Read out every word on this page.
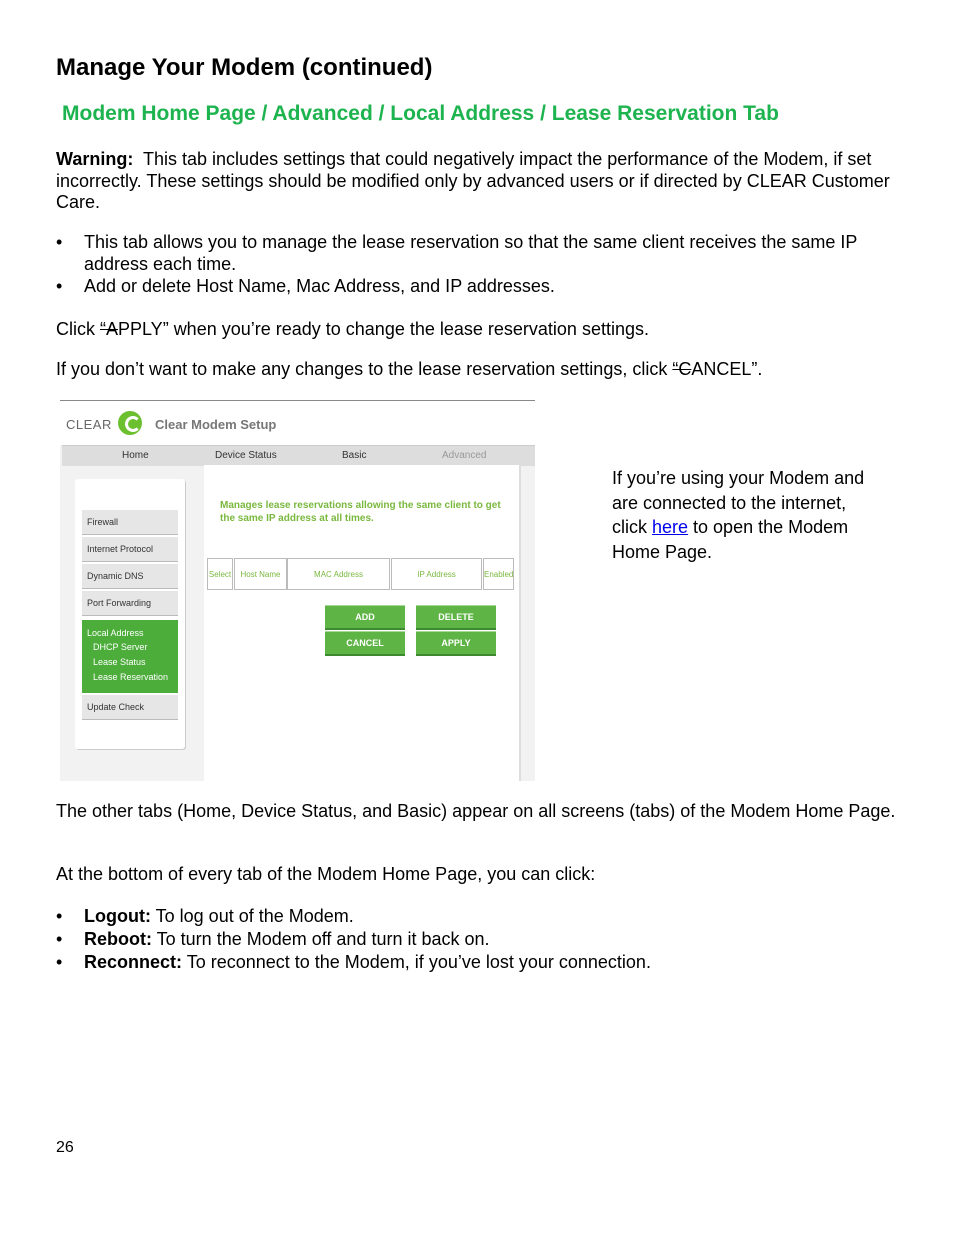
Manage Your Modem (continued)
Modem Home Page / Advanced / Local Address / Lease Reservation Tab

Warning: This tab includes settings that could negatively impact the performance of the Modem, if set incorrectly. These settings should be modified only by advanced users or if directed by CLEAR Customer Care.

• This tab allows you to manage the lease reservation so that the same client receives the same IP address each time.
• Add or delete Host Name, Mac Address, and IP addresses.

Click “APPLY” when you’re ready to change the lease reservation settings.

If you don’t want to make any changes to the lease reservation settings, click “CANCEL”.

CLEAR	Clear Modem Setup
Home	Device Status	Basic	Advanced
Firewall
Internet Protocol
Dynamic DNS
Port Forwarding
Local Address
DHCP Server
Lease Status
Lease Reservation
Update Check
Manages lease reservations allowing the same client to get the same IP address at all times.
Select	Host Name	MAC Address	IP Address	Enabled
ADD	DELETE
CANCEL	APPLY
If you’re using your Modem and are connected to the internet, click here to open the Modem Home Page.

The other tabs (Home, Device Status, and Basic) appear on all screens (tabs) of the Modem Home Page.

At the bottom of every tab of the Modem Home Page, you can click:

• Logout: To log out of the Modem.
• Reboot: To turn the Modem off and turn it back on.
• Reconnect: To reconnect to the Modem, if you’ve lost your connection.
26
